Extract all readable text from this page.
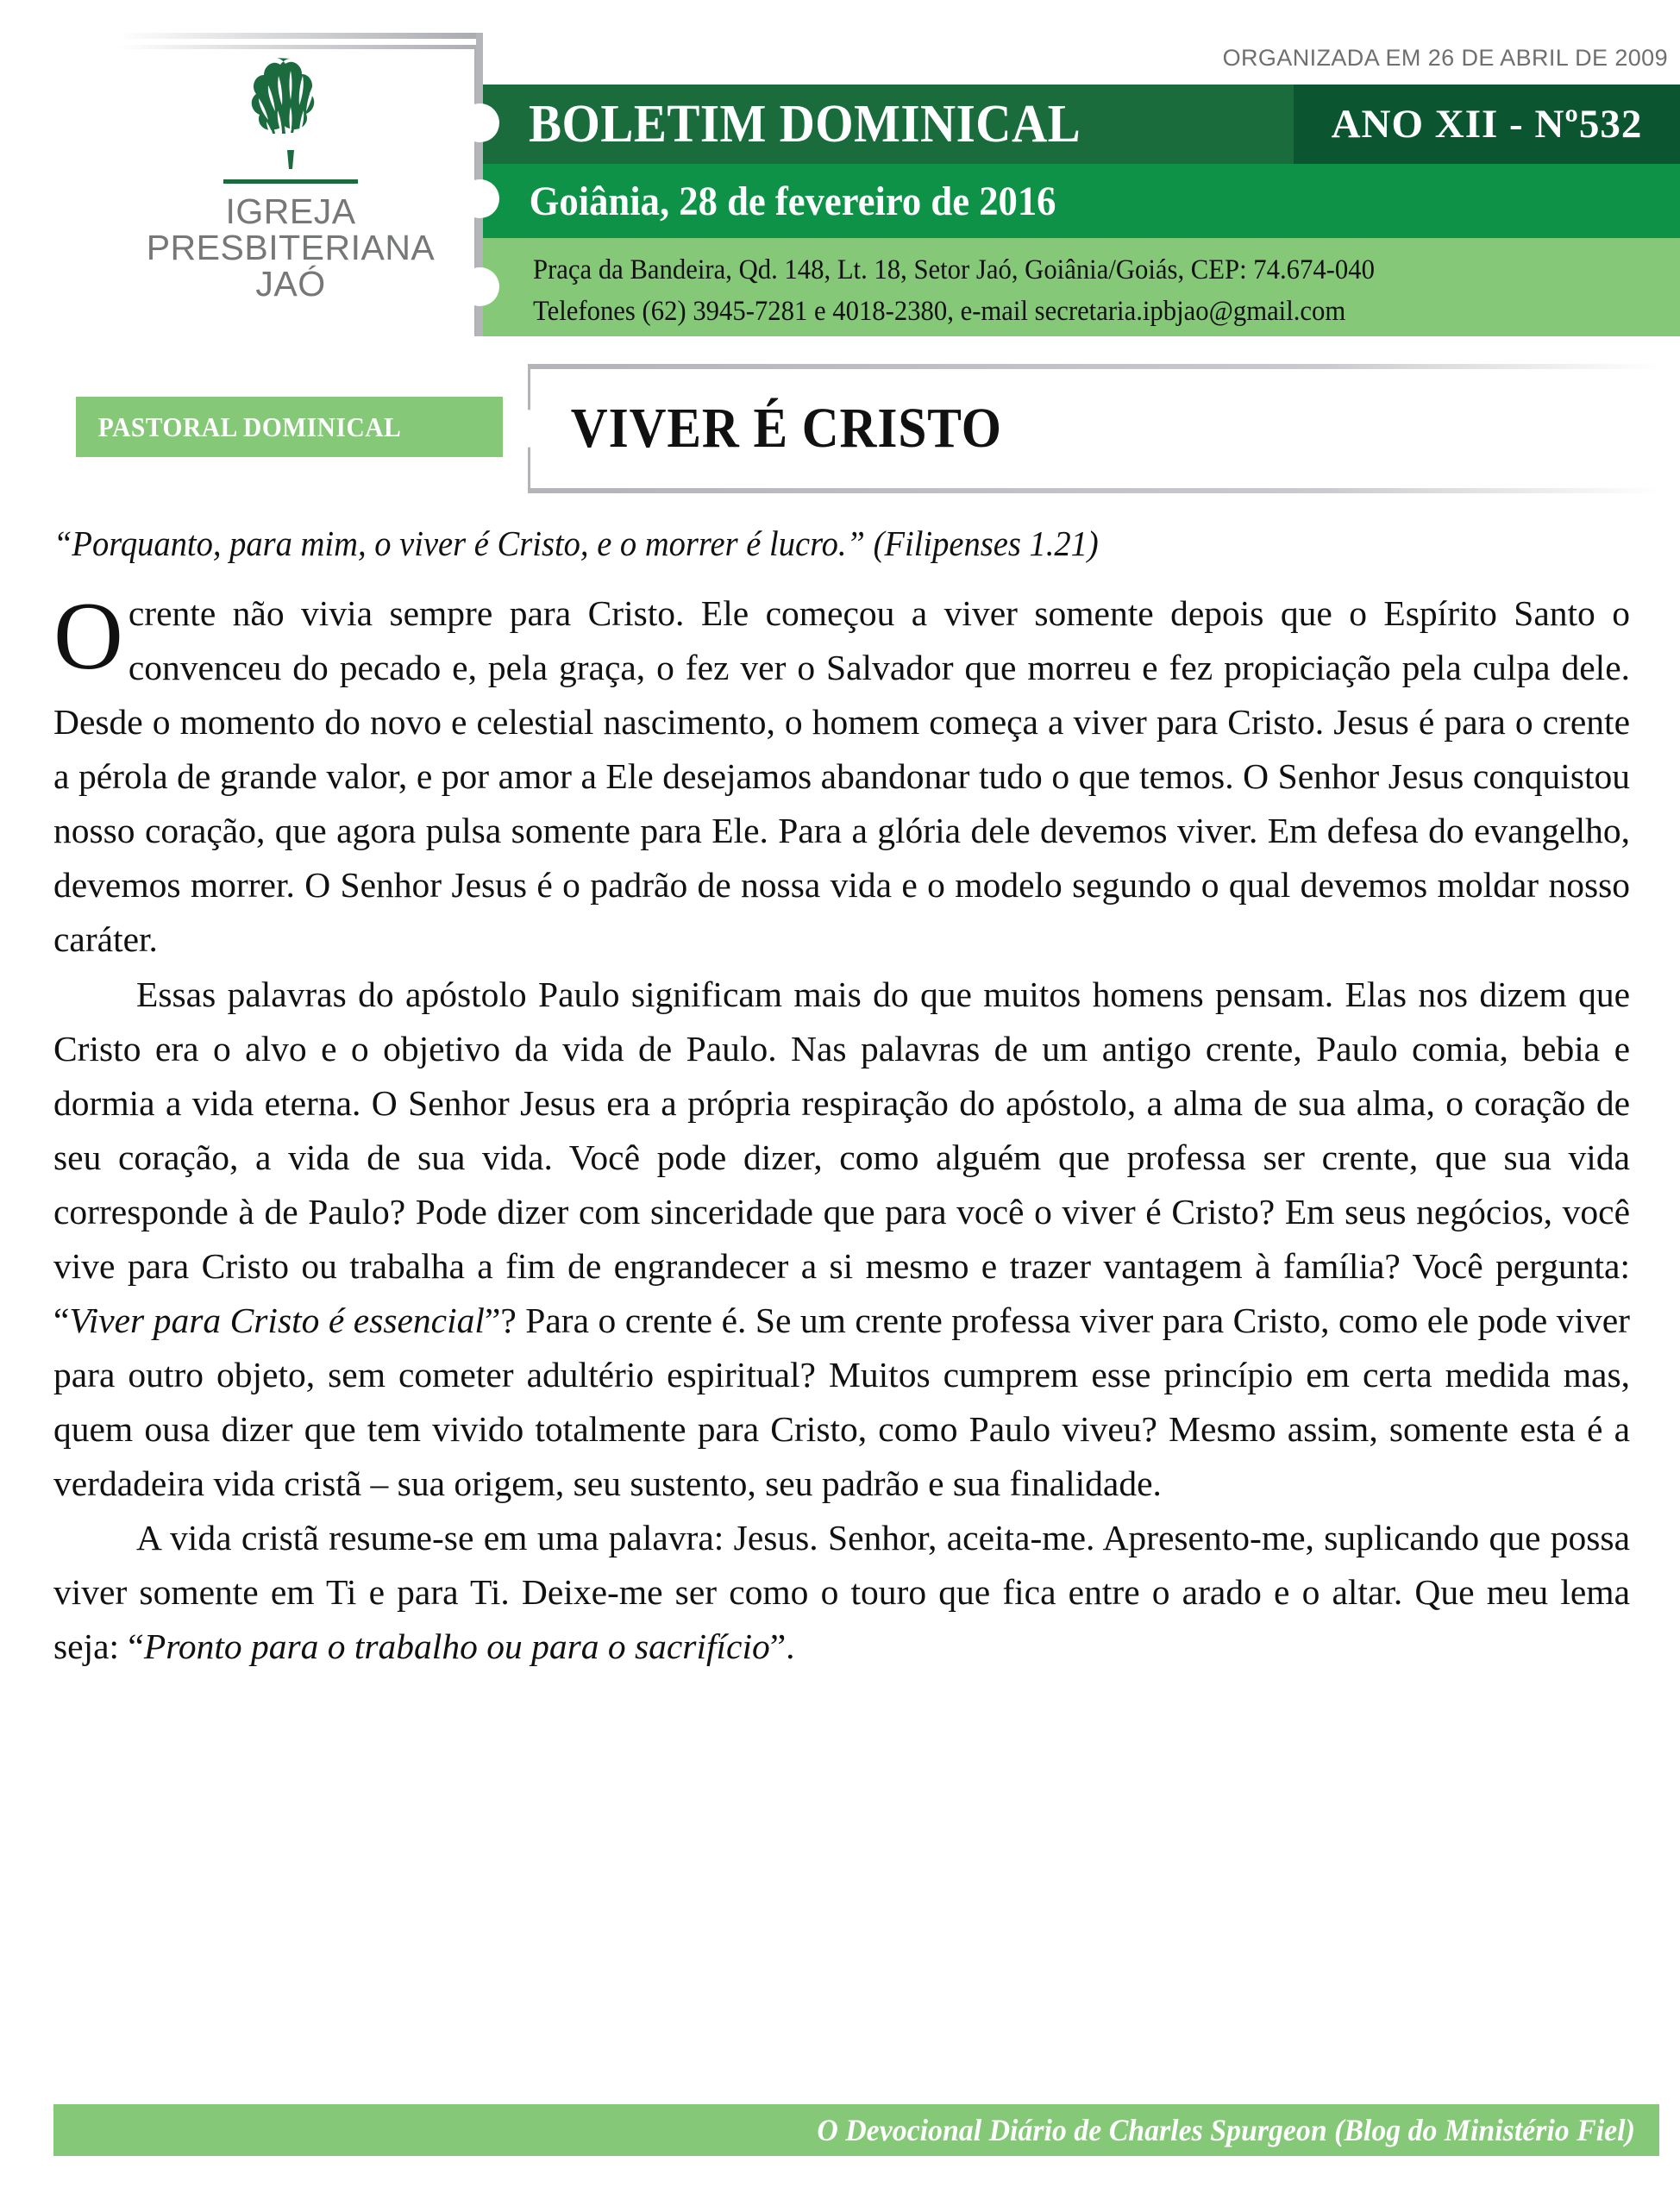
ORGANIZADA EM 26 DE ABRIL DE 2009
IGREJA
PRESBITERIANA
JAÓ
BOLETIM DOMINICAL	ANO XII - Nº532
Goiânia, 28 de fevereiro de 2016
Praça da Bandeira, Qd. 148, Lt. 18, Setor Jaó, Goiânia/Goiás, CEP: 74.674-040
Telefones (62) 3945-7281 e 4018-2380, e-mail secretaria.ipbjao@gmail.com
VIVER É CRISTO
PASTORAL DOMINICAL
“Porquanto, para mim, o viver é Cristo, e o morrer é lucro.” (Filipenses 1.21)

O crente não vivia sempre para Cristo. Ele começou a viver somente depois que o Espírito Santo o convenceu do pecado e, pela graça, o fez ver o Salvador que morreu e fez propiciação pela culpa dele. Desde o momento do novo e celestial nascimento, o homem começa a viver para Cristo. Jesus é para o crente a pérola de grande valor, e por amor a Ele desejamos abandonar tudo o que temos. O Senhor Jesus conquistou nosso coração, que agora pulsa somente para Ele. Para a glória dele devemos viver. Em defesa do evangelho, devemos morrer. O Senhor Jesus é o padrão de nossa vida e o modelo segundo o qual devemos moldar nosso caráter.

Essas palavras do apóstolo Paulo significam mais do que muitos homens pensam. Elas nos dizem que Cristo era o alvo e o objetivo da vida de Paulo. Nas palavras de um antigo crente, Paulo comia, bebia e dormia a vida eterna. O Senhor Jesus era a própria respiração do apóstolo, a alma de sua alma, o coração de seu coração, a vida de sua vida. Você pode dizer, como alguém que professa ser crente, que sua vida corresponde à de Paulo? Pode dizer com sinceridade que para você o viver é Cristo? Em seus negócios, você vive para Cristo ou trabalha a fim de engrandecer a si mesmo e trazer vantagem à família? Você pergunta: “Viver para Cristo é essencial”? Para o crente é. Se um crente professa viver para Cristo, como ele pode viver para outro objeto, sem cometer adultério espiritual? Muitos cumprem esse princípio em certa medida mas, quem ousa dizer que tem vivido totalmente para Cristo, como Paulo viveu? Mesmo assim, somente esta é a verdadeira vida cristã – sua origem, seu sustento, seu padrão e sua finalidade.

A vida cristã resume-se em uma palavra: Jesus. Senhor, aceita-me. Apresento-me, suplicando que possa viver somente em Ti e para Ti. Deixe-me ser como o touro que fica entre o arado e o altar. Que meu lema seja: “Pronto para o trabalho ou para o sacrifício”.

O Devocional Diário de Charles Spurgeon (Blog do Ministério Fiel)
